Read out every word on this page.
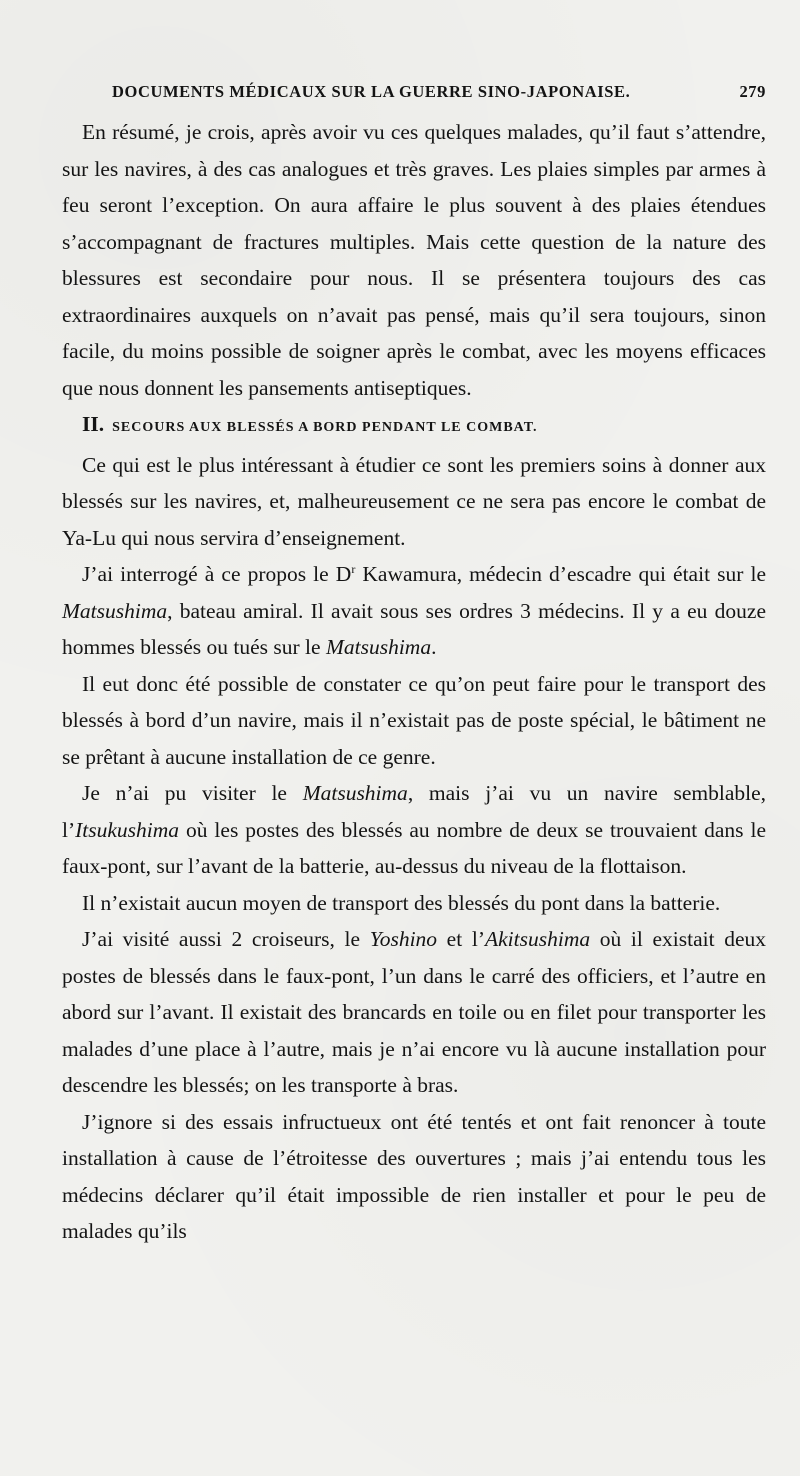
DOCUMENTS MÉDICAUX SUR LA GUERRE SINO-JAPONAISE.	279

En résumé, je crois, après avoir vu ces quelques malades, qu’il faut s’attendre, sur les navires, à des cas analogues et très graves. Les plaies simples par armes à feu seront l’exception. On aura affaire le plus souvent à des plaies étendues s’accompagnant de fractures multiples. Mais cette question de la nature des blessures est secondaire pour nous. Il se présentera toujours des cas extraordinaires auxquels on n’avait pas pensé, mais qu’il sera toujours, sinon facile, du moins possible de soigner après le combat, avec les moyens efficaces que nous donnent les pansements antiseptiques.

II. SECOURS AUX BLESSÉS A BORD PENDANT LE COMBAT.

Ce qui est le plus intéressant à étudier ce sont les premiers soins à donner aux blessés sur les navires, et, malheureusement ce ne sera pas encore le combat de Ya-Lu qui nous servira d’enseignement.

J’ai interrogé à ce propos le $D^r$ Kawamura, médecin d’escadre qui était sur le Matsushima, bateau amiral. Il avait sous ses ordres 3 médecins. Il y a eu douze hommes blessés ou tués sur le Matsushima.

Il eut donc été possible de constater ce qu’on peut faire pour le transport des blessés à bord d’un navire, mais il n’existait pas de poste spécial, le bâtiment ne se prêtant à aucune installation de ce genre.

Je n’ai pu visiter le Matsushima, mais j’ai vu un navire semblable, l’Itsukushima où les postes des blessés au nombre de deux se trouvaient dans le faux-pont, sur l’avant de la batterie, au-dessus du niveau de la flottaison.

Il n’existait aucun moyen de transport des blessés du pont dans la batterie.

J’ai visité aussi 2 croiseurs, le Yoshino et l’Akitsushima où il existait deux postes de blessés dans le faux-pont, l’un dans le carré des officiers, et l’autre en abord sur l’avant. Il existait des brancards en toile ou en filet pour transporter les malades d’une place à l’autre, mais je n’ai encore vu là aucune installation pour descendre les blessés; on les transporte à bras.

J’ignore si des essais infructueux ont été tentés et ont fait renoncer à toute installation à cause de l’étroitesse des ouvertures ; mais j’ai entendu tous les médecins déclarer qu’il était impossible de rien installer et pour le peu de malades qu’ils
